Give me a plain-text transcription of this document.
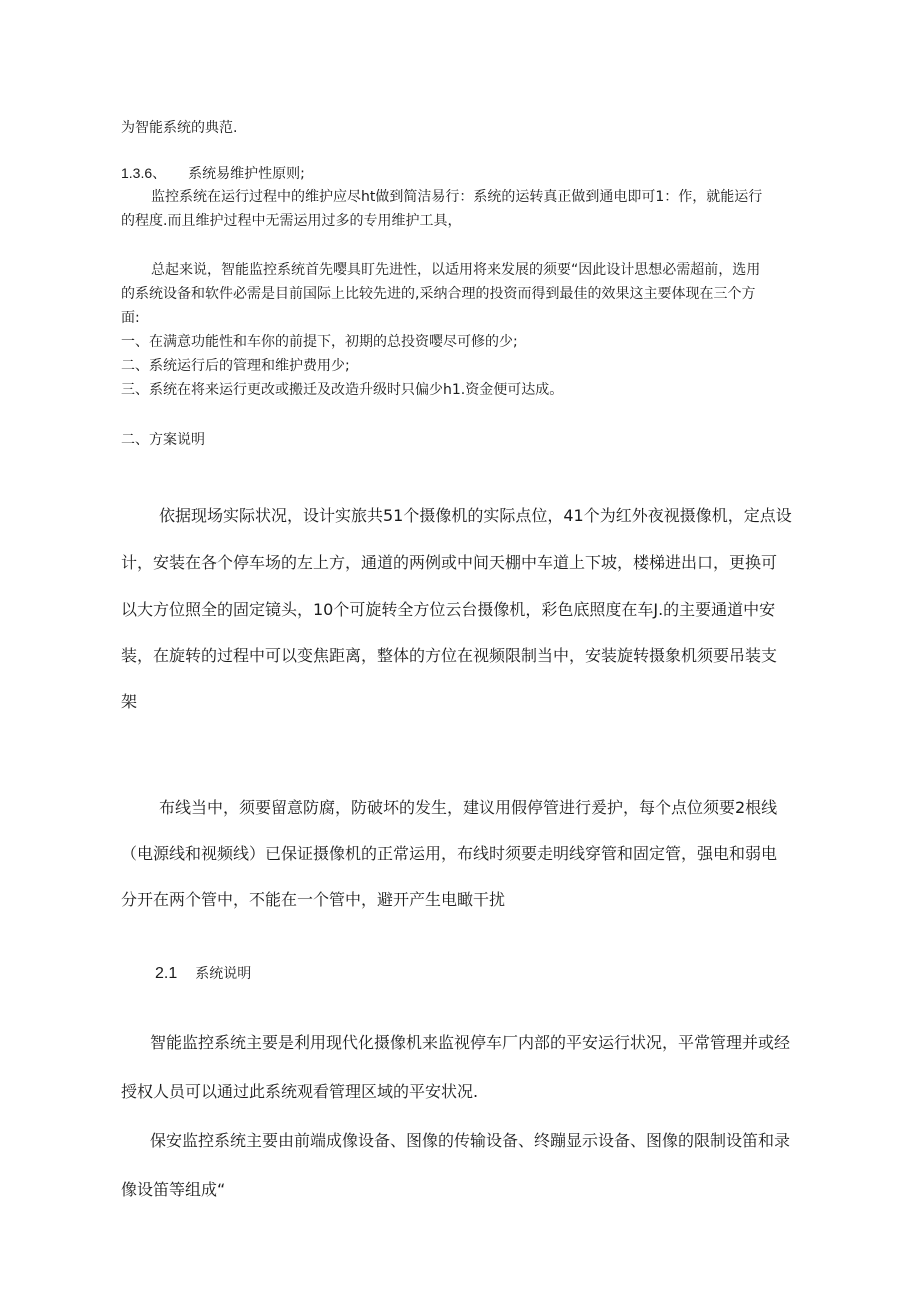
为智能系统的典范.

1.3.6、 系统易维护性原则;

监控系统在运行过程中的维护应尽ht做到简洁易行：系统的运转真正做到通电即可1：作，就能运行

的程度.而且维护过程中无需运用过多的专用维护工具，

总起来说，智能监控系统首先嘤具盯先进性，以适用将来发展的须要“因此设计思想必需超前，选用

的系统设备和软件必需是目前国际上比较先进的,采纳合理的投资而得到最佳的效果这主要体现在三个方

面:

一、在满意功能性和车你的前提下，初期的总投资嘤尽可修的少;

二、系统运行后的管理和维护费用少;

三、系统在将来运行更改或搬迁及改造升级时只偏少h1.资金便可达成。

二、方案说明

依据现场实际状况，设计实旅共51个摄像机的实际点位，41个为红外夜视摄像机，定点设

计，安装在各个停车场的左上方，通道的两例或中间天棚中车道上下坡，楼梯进出口，更换可

以大方位照全的固定镜头，10个可旋转全方位云台摄像机，彩色底照度在车J.的主要通道中安

装，在旋转的过程中可以变焦距离，整体的方位在视频限制当中，安装旋转摄象机须要吊装支

架

布线当中，须要留意防腐，防破坏的发生，建议用假停管进行爰护，每个点位须要2根线

（电源线和视频线）已保证摄像机的正常运用，布线时须要走明线穿管和固定管，强电和弱电

分开在两个管中，不能在一个管中，避开产生电瞰干扰

2.1 系统说明

智能监控系统主要是利用现代化摄像机来监视停车厂内部的平安运行状况，平常管理并或经

授权人员可以通过此系统观看管理区域的平安状况.

保安监控系统主要由前端成像设备、图像的传输设备、终蹦显示设备、图像的限制设笛和录

像设笛等组成“
